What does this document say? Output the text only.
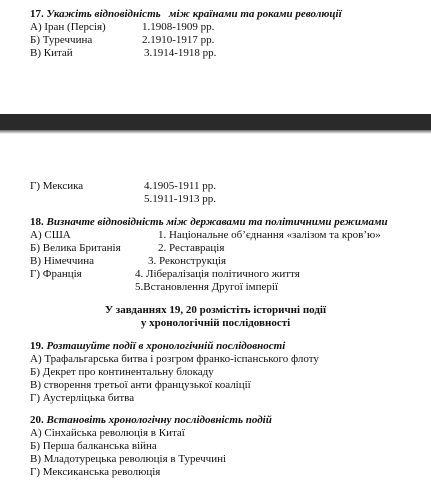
17. Укажіть відповідність між країнами та роками революції
А) Іран (Персія)	1.1908-1909 рр.
Б) Туреччина	2.1910-1917 рр.
В) Китай	3.1914-1918 рр.
Г) Мексика	4.1905-1911 рр.
5.1911-1913 рр.
18. Визначте відповідність між державами та політичними режимами
А) США	1. Національне об’єднання «залізом та кров’ю»
Б) Велика Британія	2. Реставрація
В) Німеччина	3. Реконструкція
Г) Франція	4. Лібералізація політичного життя
5.Встановлення Другої імперії
У завданнях 19, 20 розмістіть історичні події
у хронологічній послідовності
19. Розташуйте події в хронологічній послідовності
А) Трафальгарська битва і розгром франко-іспанського флоту
Б) Декрет про континентальну блокаду
В) створення третьої анти французької коаліції
Г) Аустерліцька битва
20. Встановіть хронологічну послідовність подій
А) Сінхайська революція в Китаї
Б) Перша балканська війна
В) Младотурецька революція в Туреччині
Г) Мексиканська революція
